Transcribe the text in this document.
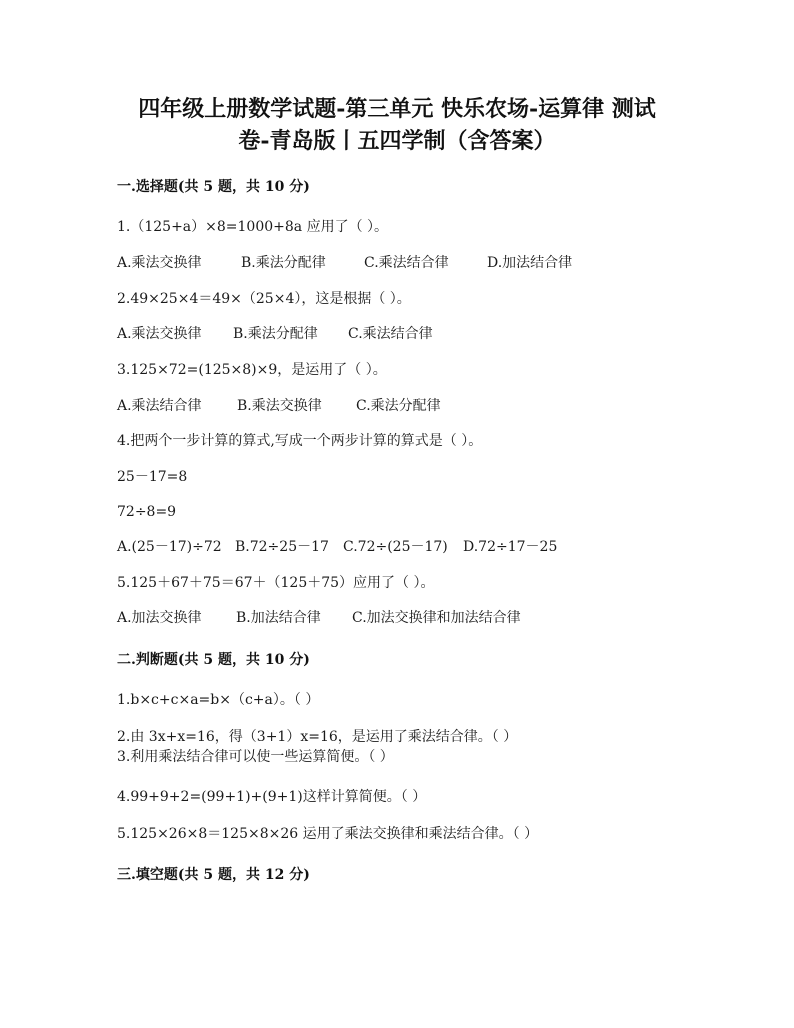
四年级上册数学试题-第三单元 快乐农场-运算律 测试
卷-青岛版丨五四学制（含答案）
一.选择题(共 5 题，共 10 分)
1.（125+a）×8=1000+8a 应用了（ ）。
A.乘法交换律	B.乘法分配律	C.乘法结合律	D.加法结合律
2.49×25×4＝49×（25×4），这是根据（ ）。
A.乘法交换律 B.乘法分配律 C.乘法结合律
3.125×72=(125×8)×9，是运用了（ ）。
A.乘法结合律	B.乘法交换律 C.乘法分配律
4.把两个一步计算的算式,写成一个两步计算的算式是（ ）。
25－17=8
72÷8=9
A.(25－17)÷72 B.72÷25－17 C.72÷(25－17) D.72÷17－25
5.125＋67＋75＝67＋（125＋75）应用了（ ）。
A.加法交换律 B.加法结合律 C.加法交换律和加法结合律
二.判断题(共 5 题，共 10 分)
1.b×c+c×a=b×（c+a）。（ ）
2.由 3x+x=16，得（3+1）x=16，是运用了乘法结合律。（ ）
3.利用乘法结合律可以使一些运算简便。（ ）
4.99+9+2=(99+1)+(9+1)这样计算简便。（ ）
5.125×26×8＝125×8×26 运用了乘法交换律和乘法结合律。（ ）
三.填空题(共 5 题，共 12 分)
